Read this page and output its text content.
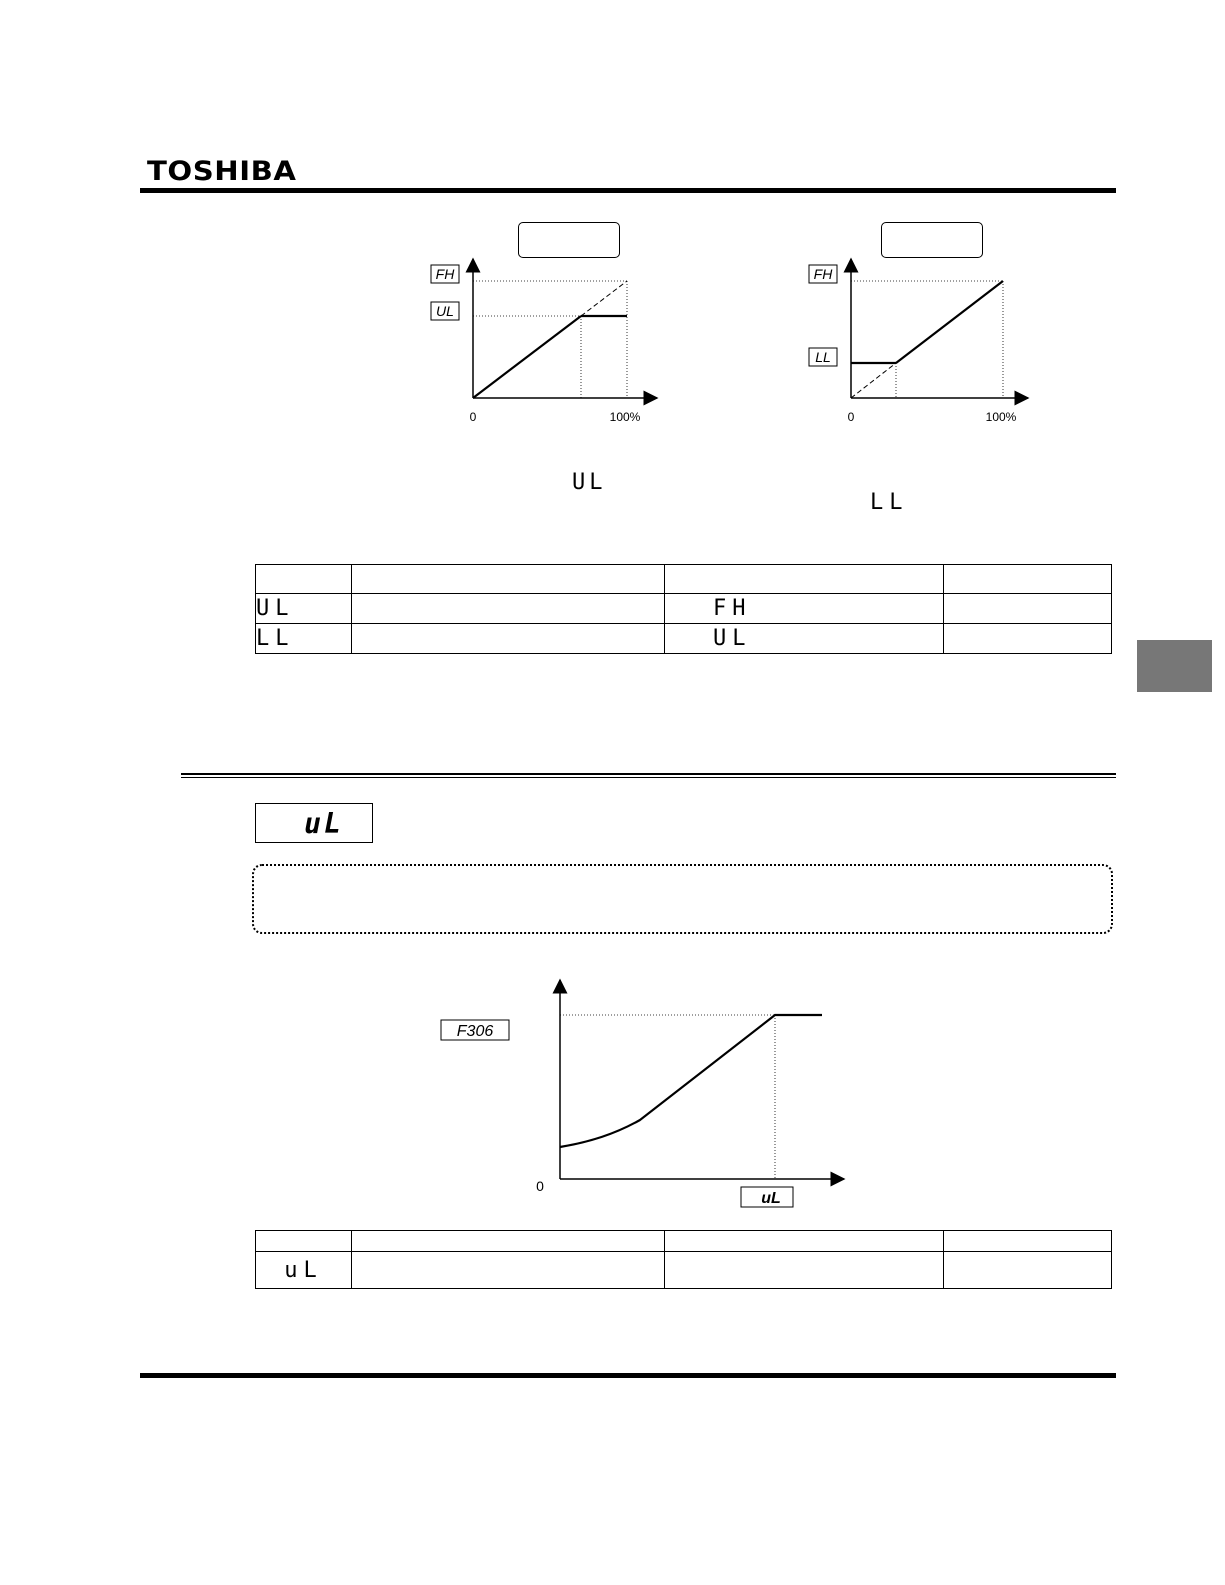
TOSHIBA
FH
UL
0	100%
UL
FH
LL
0	100%
LL

UL		FH	
LL		UL	
uL
F306
0
uL

uL			
